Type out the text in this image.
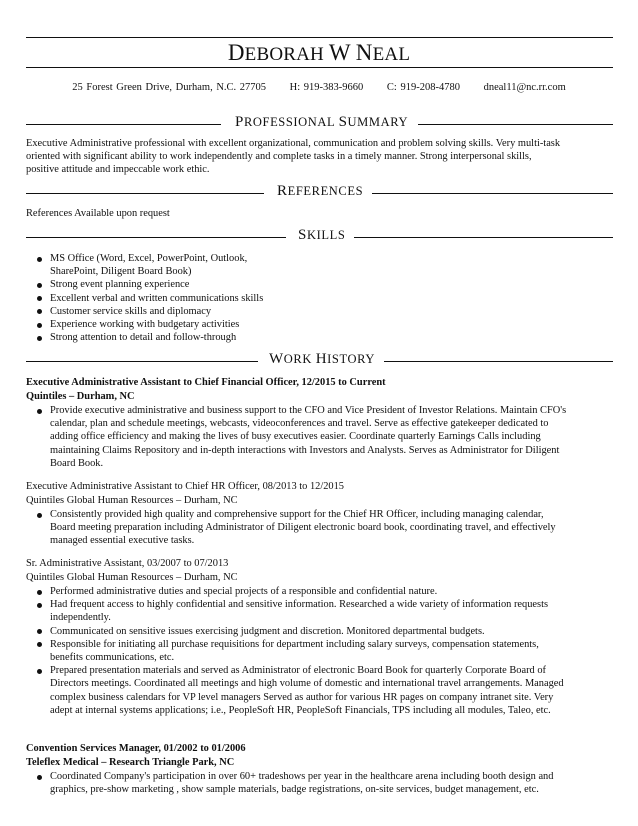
DEBORAH W NEAL
25 Forest Green Drive, Durham, N.C. 27705 H: 919-383-9660 C: 919-208-4780 dneal11@nc.rr.com
PROFESSIONAL SUMMARY
Executive Administrative professional with excellent organizational, communication and problem solving skills. Very multi-task
oriented with significant ability to work independently and complete tasks in a timely manner. Strong interpersonal skills,
positive attitude and impeccable work ethic.
REFERENCES
References Available upon request
SKILLS
MS Office (Word, Excel, PowerPoint, Outlook,
SharePoint, Diligent Board Book)
Strong event planning experience
Excellent verbal and written communications skills
Customer service skills and diplomacy
Experience working with budgetary activities
Strong attention to detail and follow-through
WORK HISTORY
Executive Administrative Assistant to Chief Financial Officer, 12/2015 to Current
Quintiles – Durham, NC
Provide executive administrative and business support to the CFO and Vice President of Investor Relations. Maintain CFO's
calendar, plan and schedule meetings, webcasts, videoconferences and travel. Serve as effective gatekeeper dedicated to
adding office efficiency and making the lives of busy executives easier. Coordinate quarterly Earnings Calls including
maintaining Claims Repository and in-depth interactions with Investors and Analysts. Serves as Administrator for Diligent
Board Book.
Executive Administrative Assistant to Chief HR Officer, 08/2013 to 12/2015
Quintiles Global Human Resources – Durham, NC
Consistently provided high quality and comprehensive support for the Chief HR Officer, including managing calendar,
Board meeting preparation including Administrator of Diligent electronic board book, coordinating travel, and effectively
managed essential executive tasks.
Sr. Administrative Assistant, 03/2007 to 07/2013
Quintiles Global Human Resources – Durham, NC
Performed administrative duties and special projects of a responsible and confidential nature.
Had frequent access to highly confidential and sensitive information. Researched a wide variety of information requests
independently.
Communicated on sensitive issues exercising judgment and discretion. Monitored departmental budgets.
Responsible for initiating all purchase requisitions for department including salary surveys, compensation statements,
benefits communications, etc.
Prepared presentation materials and served as Administrator of electronic Board Book for quarterly Corporate Board of
Directors meetings. Coordinated all meetings and high volume of domestic and international travel arrangements. Managed
complex business calendars for VP level managers Served as author for various HR pages on company intranet site. Very
adept at internal systems applications; i.e., PeopleSoft HR, PeopleSoft Financials, TPS including all modules, Taleo, etc.
Convention Services Manager, 01/2002 to 01/2006
Teleflex Medical – Research Triangle Park, NC
Coordinated Company's participation in over 60+ tradeshows per year in the healthcare arena including booth design and
graphics, pre-show marketing , show sample materials, badge registrations, on-site services, budget management, etc.
